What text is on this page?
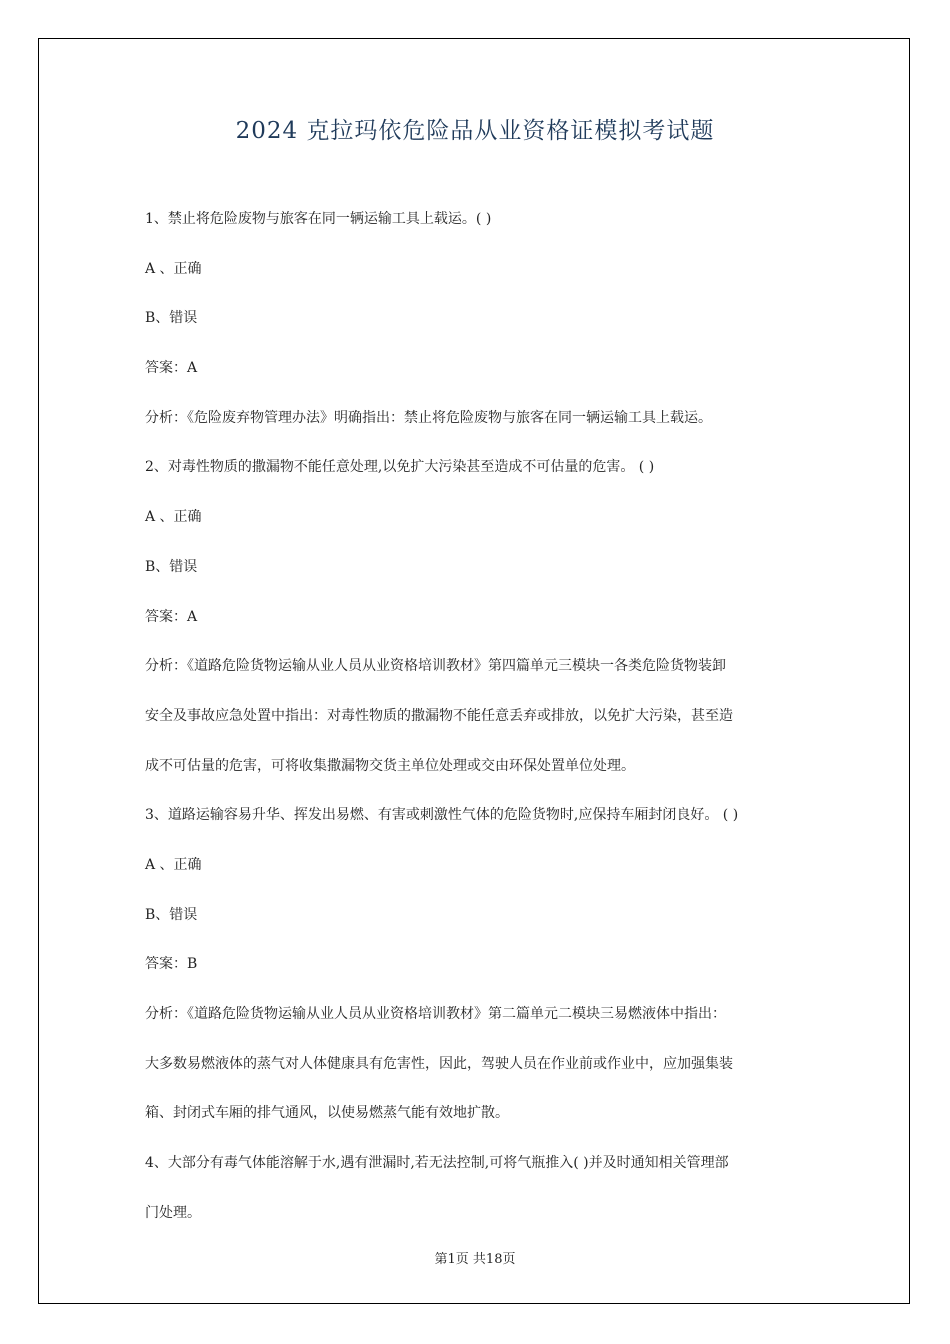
2024 克拉玛依危险品从业资格证模拟考试题
1、禁止将危险废物与旅客在同一辆运输工具上载运。( )
A 、正确
B、错误
答案：A
分析：《危险废弃物管理办法》明确指出：禁止将危险废物与旅客在同一辆运输工具上载运。
2、对毒性物质的撒漏物不能任意处理,以免扩大污染甚至造成不可估量的危害。 ( )
A 、正确
B、错误
答案：A
分析：《道路危险货物运输从业人员从业资格培训教材》第四篇单元三模块一各类危险货物装卸
安全及事故应急处置中指出：对毒性物质的撒漏物不能任意丢弃或排放，以免扩大污染，甚至造
成不可估量的危害，可将收集撒漏物交货主单位处理或交由环保处置单位处理。
3、道路运输容易升华、挥发出易燃、有害或刺激性气体的危险货物时,应保持车厢封闭良好。 ( )
A 、正确
B、错误
答案：B
分析：《道路危险货物运输从业人员从业资格培训教材》第二篇单元二模块三易燃液体中指出：
大多数易燃液体的蒸气对人体健康具有危害性，因此，驾驶人员在作业前或作业中，应加强集装
箱、封闭式车厢的排气通风，以使易燃蒸气能有效地扩散。
4、大部分有毒气体能溶解于水,遇有泄漏时,若无法控制,可将气瓶推入( )并及时通知相关管理部
门处理。
第1页 共18页
